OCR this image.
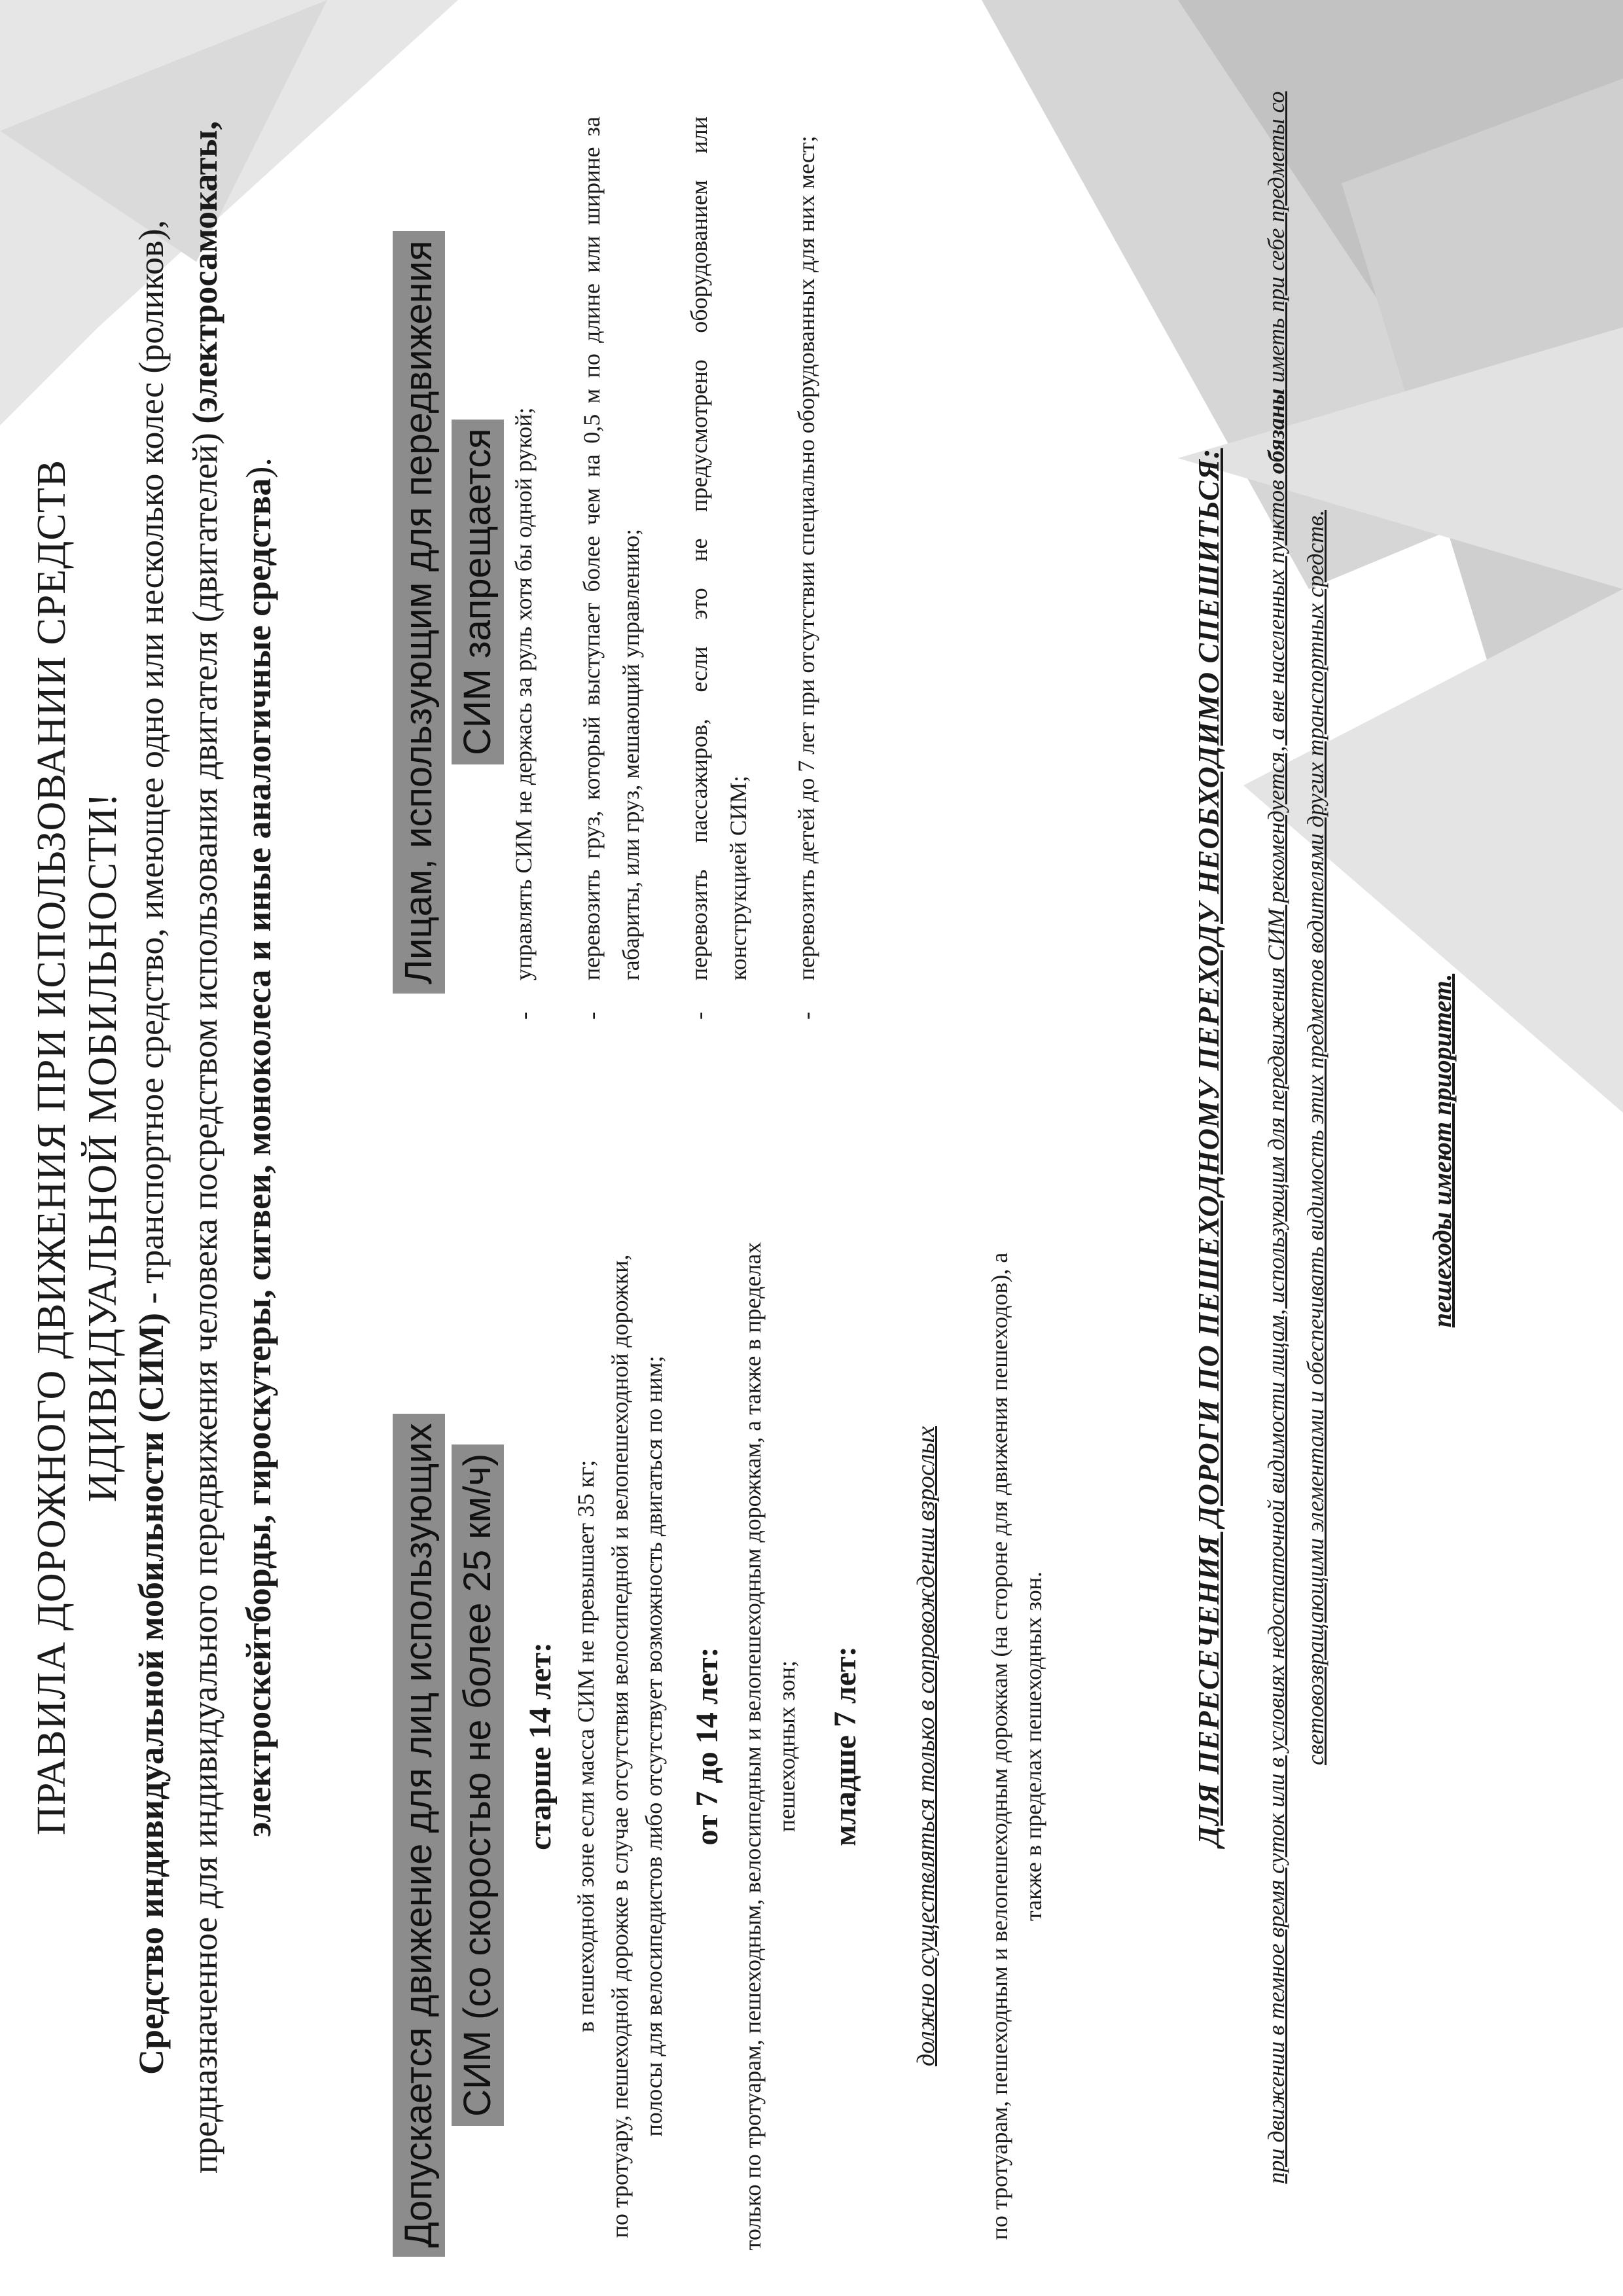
ПРАВИЛА ДОРОЖНОГО ДВИЖЕНИЯ ПРИ ИСПОЛЬЗОВАНИИ СРЕДСТВ ИДИВИДУАЛЬНОЙ МОБИЛЬНОСТИ!
Средство индивидуальной мобильности (СИМ) - транспортное средство, имеющее одно или несколько колес (роликов), предназначенное для индивидуального передвижения человека посредством использования двигателя (двигателей) (электросамокаты, электроскейтборды, гироскутеры, сигвеи, моноколеса и иные аналогичные средства).
Допускается движение для лиц использующих СИМ (со скоростью не более 25 км/ч)
Лицам, использующим для передвижения СИМ запрещается
старше 14 лет: в пешеходной зоне если масса СИМ не превышает 35 кг; по тротуару, пешеходной дорожке в случае отсутствия велосипедной и велопешеходной дорожки, полосы для велосипедистов либо отсутствует возможность двигаться по ним; от 7 до 14 лет: только по тротуарам, пешеходным, велосипедным и велопешеходным дорожкам, а также в пределах пешеходных зон; младше 7 лет: должно осуществляться только в сопровождении взрослых по тротуарам, пешеходным и велопешеходным дорожкам (на стороне для движения пешеходов), а также в пределах пешеходных зон.

-
управлять СИМ не держась за руль хотя бы одной рукой;
-
перевозить груз, который выступает более чем на 0,5 м по длине или ширине за габариты, или груз, мешающий управлению;
-
перевозить пассажиров, если это не предусмотрено оборудованием или конструкцией СИМ;
-
перевозить детей до 7 лет при отсутствии специально оборудованных для них мест;	ДЛЯ ПЕРЕСЕЧЕНИЯ ДОРОГИ ПО ПЕШЕХОДНОМУ ПЕРЕХОДУ НЕОБХОДИМО СПЕШИТЬСЯ: при движении в темное время суток или в условиях недостаточной видимости лицам, использующим для передвижения СИМ рекомендуется, а вне населенных пунктов обязаны иметь при себе предметы со световозвращающими элементами и обеспечивать видимость этих предметов водителями других транспортных средств.	пешеходы имеют приоритет.
